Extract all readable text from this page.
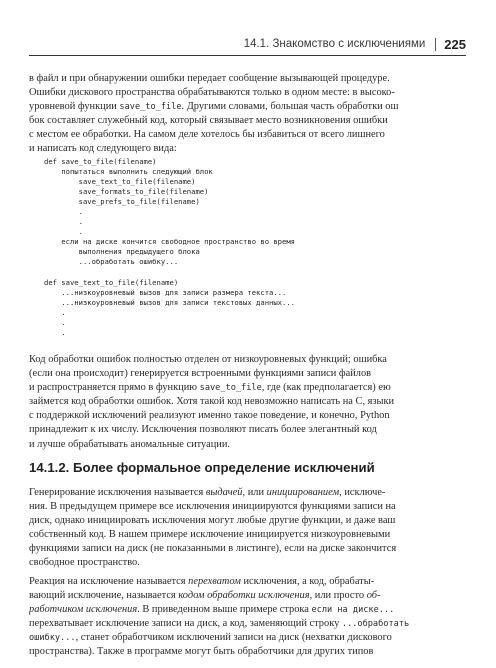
14.1. Знакомство с исключениями 225
в файл и при обнаружении ошибки передает сообщение вызывающей процедуре.
Ошибки дискового пространства обрабатываются только в одном месте: в высоко-
уровневой функции save_to_file. Другими словами, большая часть обработки ош
бок составляет служебный код, который связывает место возникновения ошибки
с местом ее обработки. На самом деле хотелось бы избавиться от всего лишнего
и написать код следующего вида:
def save_to_file(filename)
попытаться выполнить следующий блок
save_text_to_file(filename)
save_formats_to_file(filename)
save_prefs_to_file(filename)
.
.
.
если на диске кончится свободное пространство во время
выполнения предыдущего блока
...обработать ошибку...
def save_text_to_file(filename)
...низкоуровневый вызов для записи размера текста...
...низкоуровневый вызов для записи текстовых данных...
.
.
.
Код обработки ошибок полностью отделен от низкоуровневых функций; ошибка
(если она происходит) генерируется встроенными функциями записи файлов
и распространяется прямо в функцию save_to_file, где (как предполагается) ею
займется код обработки ошибок. Хотя такой код невозможно написать на C, языки
с поддержкой исключений реализуют именно такое поведение, и конечно, Python
принадлежит к их числу. Исключения позволяют писать более элегантный код
и лучше обрабатывать аномальные ситуации.
14.1.2. Более формальное определение исключений
Генерирование исключения называется выдачей, или инициированием, исключе-
ния. В предыдущем примере все исключения инициируются функциями записи на
диск, однако инициировать исключения могут любые другие функции, и даже ваш
собственный код. В нашем примере исключение инициируется низкоуровневыми
функциями записи на диск (не показанными в листинге), если на диске закончится
свободное пространство.
Реакция на исключение называется перехватом исключения, а код, обрабаты-
вающий исключение, называется кодом обработки исключения, или просто об-
работчиком исключения. В приведенном выше примере строка если на диске...
перехватывает исключение записи на диск, а код, заменяющий строку ...обработать
ошибку..., станет обработчиком исключений записи на диск (нехватки дискового
пространства). Также в программе могут быть обработчики для других типов
